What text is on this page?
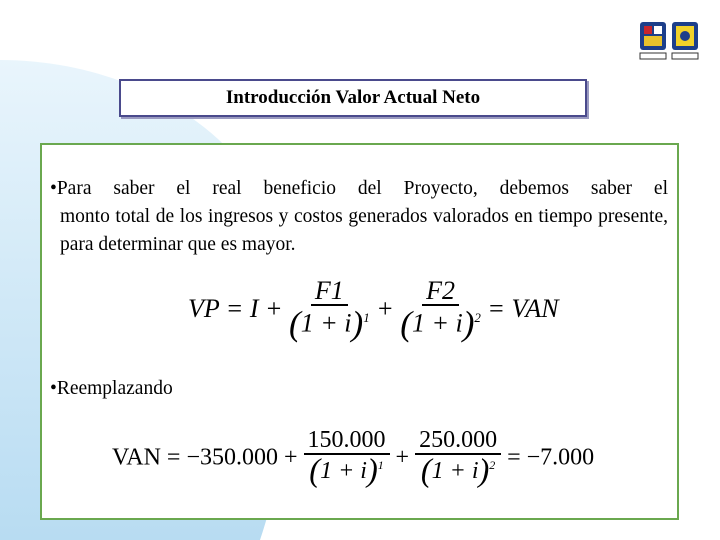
Introducción Valor Actual Neto
•Para saber el real beneficio del Proyecto, debemos saber el
monto total de los ingresos y costos generados valorados en tiempo presente, para determinar que es mayor.
VP = $I + \frac{F1}{(1 + i)^1} + \frac{F2}{(1 + i)^2}$ = VAN
•Reemplazando
VAN = $-350.000 + \frac{150.000}{(1 + i)^1} + \frac{250.000}{(1 + i)^2} = -7.000$
